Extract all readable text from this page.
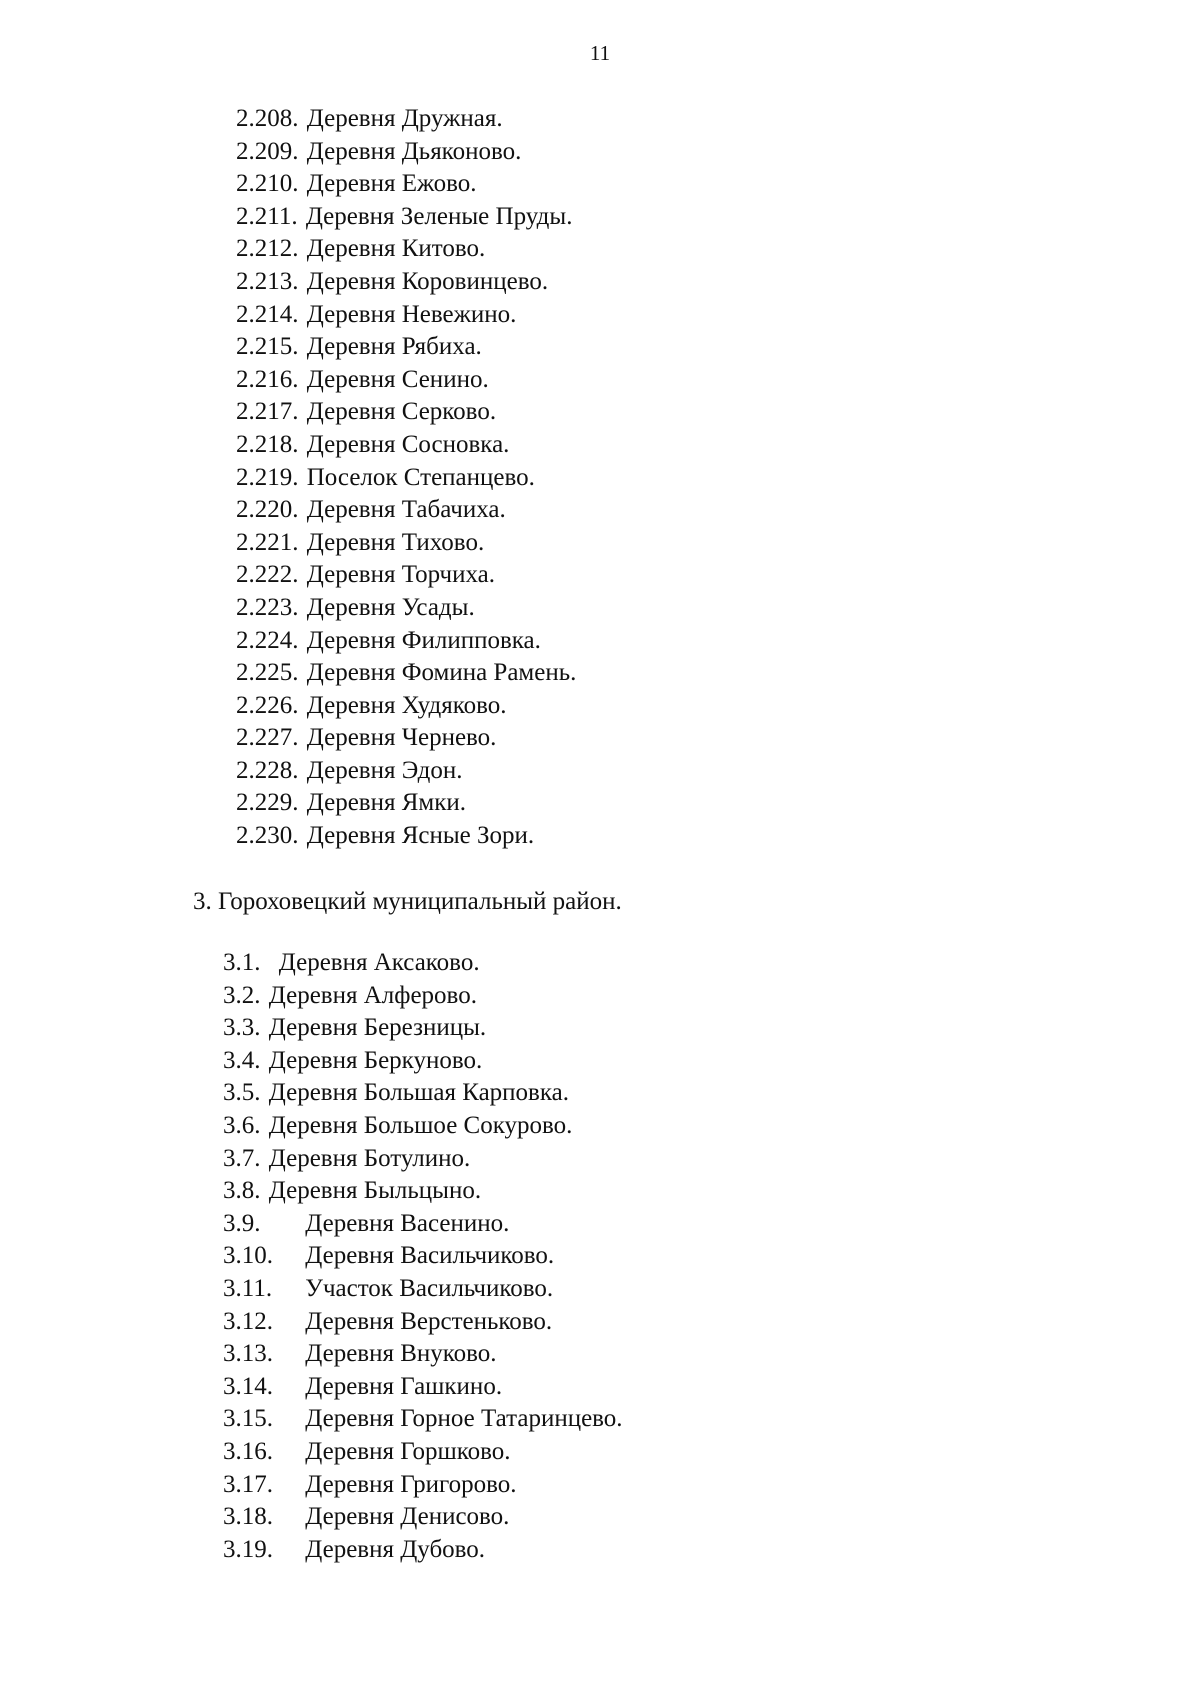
11
2.208. Деревня Дружная.
2.209. Деревня Дьяконово.
2.210. Деревня Ежово.
2.211. Деревня Зеленые Пруды.
2.212. Деревня Китово.
2.213. Деревня Коровинцево.
2.214. Деревня Невежино.
2.215. Деревня Рябиха.
2.216. Деревня Сенино.
2.217. Деревня Серково.
2.218. Деревня Сосновка.
2.219. Поселок Степанцево.
2.220. Деревня Табачиха.
2.221. Деревня Тихово.
2.222. Деревня Торчиха.
2.223. Деревня Усады.
2.224. Деревня Филипповка.
2.225. Деревня Фомина Рамень.
2.226. Деревня Худяково.
2.227. Деревня Чернево.
2.228. Деревня Эдон.
2.229. Деревня Ямки.
2.230. Деревня Ясные Зори.
3. Гороховецкий муниципальный район.
3.1. Деревня Аксаково.
3.2. Деревня Алферово.
3.3. Деревня Березницы.
3.4. Деревня Беркуново.
3.5. Деревня Большая Карповка.
3.6. Деревня Большое Сокурово.
3.7. Деревня Ботулино.
3.8. Деревня Быльцыно.
3.9. Деревня Васенино.
3.10. Деревня Васильчиково.
3.11. Участок Васильчиково.
3.12. Деревня Верстеньково.
3.13. Деревня Внуково.
3.14. Деревня Гашкино.
3.15. Деревня Горное Татаринцево.
3.16. Деревня Горшково.
3.17. Деревня Григорово.
3.18. Деревня Денисово.
3.19. Деревня Дубово.
